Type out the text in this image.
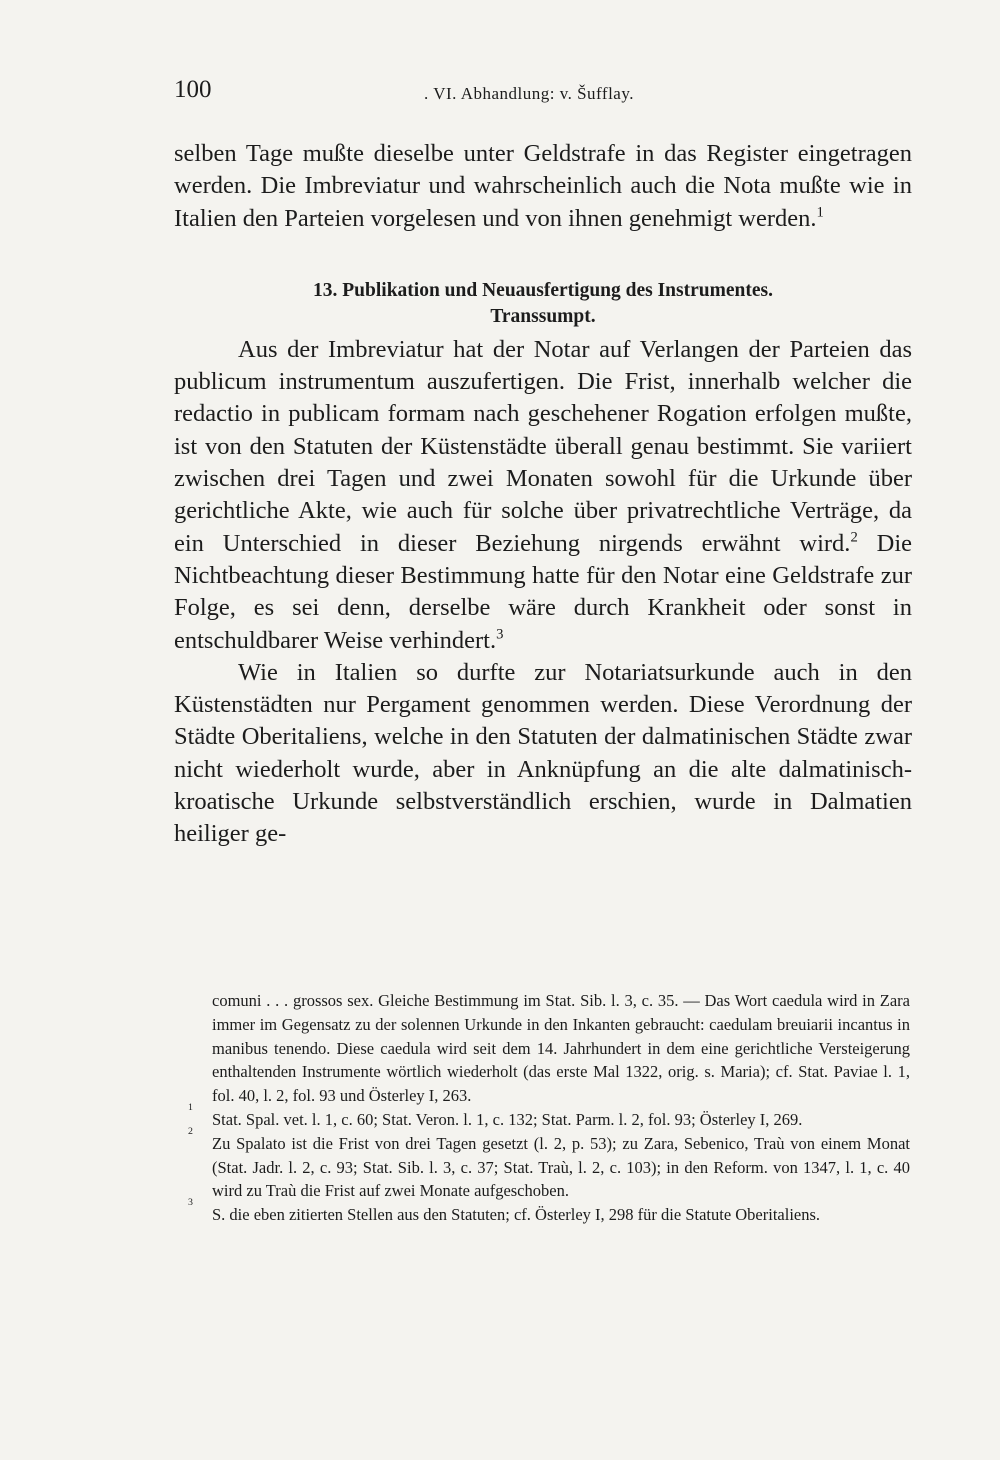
100	. VI. Abhandlung: v. Šufflay.

selben Tage mußte dieselbe unter Geldstrafe in das Register eingetragen werden. Die Imbreviatur und wahrscheinlich auch die Nota mußte wie in Italien den Parteien vorgelesen und von ihnen genehmigt werden.$^1$

13. Publikation und Neuausfertigung des Instrumentes.
Transsumpt.

Aus der Imbreviatur hat der Notar auf Verlangen der Parteien das publicum instrumentum auszufertigen. Die Frist, innerhalb welcher die redactio in publicam formam nach geschehener Rogation erfolgen mußte, ist von den Statuten der Küstenstädte überall genau bestimmt. Sie variiert zwischen drei Tagen und zwei Monaten sowohl für die Urkunde über gerichtliche Akte, wie auch für solche über privatrechtliche Verträge, da ein Unterschied in dieser Beziehung nirgends erwähnt wird.$^2$ Die Nichtbeachtung dieser Bestimmung hatte für den Notar eine Geldstrafe zur Folge, es sei denn, derselbe wäre durch Krankheit oder sonst in entschuldbarer Weise verhindert.$^3$

Wie in Italien so durfte zur Notariatsurkunde auch in den Küstenstädten nur Pergament genommen werden. Diese Verordnung der Städte Oberitaliens, welche in den Statuten der dalmatinischen Städte zwar nicht wiederholt wurde, aber in Anknüpfung an die alte dalmatinisch-kroatische Urkunde selbstverständlich erschien, wurde in Dalmatien heiliger ge-

comuni . . . grossos sex. Gleiche Bestimmung im Stat. Sib. l. 3, c. 35. — Das Wort caedula wird in Zara immer im Gegensatz zu der solennen Urkunde in den Inkanten gebraucht: caedulam breuiarii incantus in manibus tenendo. Diese caedula wird seit dem 14. Jahrhundert in dem eine gerichtliche Versteigerung enthaltenden Instrumente wörtlich wiederholt (das erste Mal 1322, orig. s. Maria); cf. Stat. Paviae l. 1, fol. 40, l. 2, fol. 93 und Österley I, 263.

1
Stat. Spal. vet. l. 1, c. 60; Stat. Veron. l. 1, c. 132; Stat. Parm. l. 2, fol. 93; Österley I, 269.

2
Zu Spalato ist die Frist von drei Tagen gesetzt (l. 2, p. 53); zu Zara, Sebenico, Traù von einem Monat (Stat. Jadr. l. 2, c. 93; Stat. Sib. l. 3, c. 37; Stat. Traù, l. 2, c. 103); in den Reform. von 1347, l. 1, c. 40 wird zu Traù die Frist auf zwei Monate aufgeschoben.

3
S. die eben zitierten Stellen aus den Statuten; cf. Österley I, 298 für die Statute Oberitaliens.
